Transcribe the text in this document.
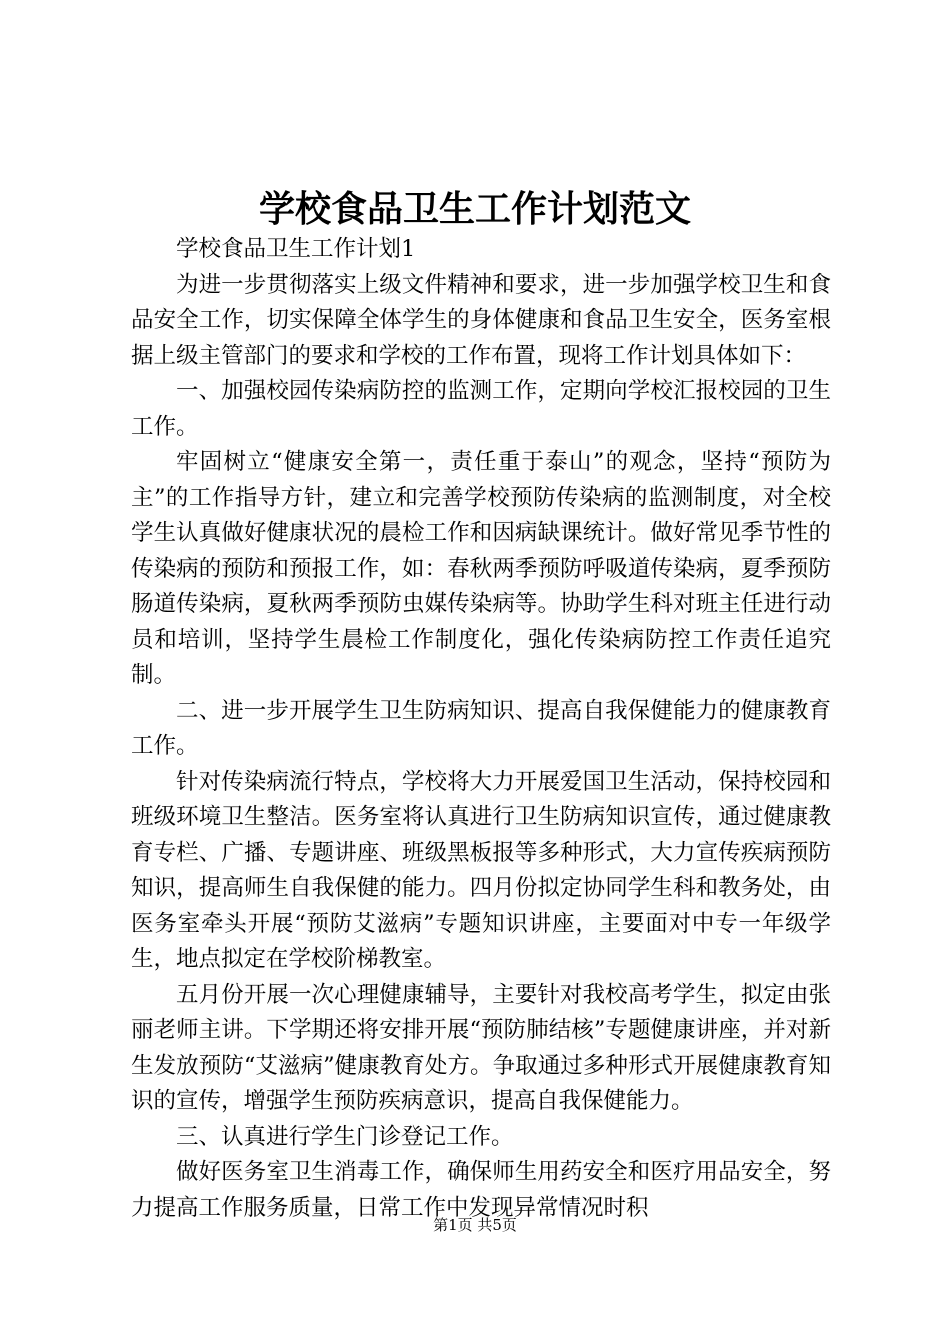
学校食品卫生工作计划范文

学校食品卫生工作计划1

为进一步贯彻落实上级文件精神和要求，进一步加强学校卫生和食品安全工作，切实保障全体学生的身体健康和食品卫生安全，医务室根据上级主管部门的要求和学校的工作布置，现将工作计划具体如下：

一、加强校园传染病防控的监测工作，定期向学校汇报校园的卫生工作。

牢固树立“健康安全第一，责任重于泰山”的观念，坚持“预防为主”的工作指导方针，建立和完善学校预防传染病的监测制度，对全校学生认真做好健康状况的晨检工作和因病缺课统计。做好常见季节性的传染病的预防和预报工作，如：春秋两季预防呼吸道传染病，夏季预防肠道传染病，夏秋两季预防虫媒传染病等。协助学生科对班主任进行动员和培训，坚持学生晨检工作制度化，强化传染病防控工作责任追究制。

二、进一步开展学生卫生防病知识、提高自我保健能力的健康教育工作。

针对传染病流行特点，学校将大力开展爱国卫生活动，保持校园和班级环境卫生整洁。医务室将认真进行卫生防病知识宣传，通过健康教育专栏、广播、专题讲座、班级黑板报等多种形式，大力宣传疾病预防知识，提高师生自我保健的能力。四月份拟定协同学生科和教务处，由医务室牵头开展“预防艾滋病”专题知识讲座，主要面对中专一年级学生，地点拟定在学校阶梯教室。

五月份开展一次心理健康辅导，主要针对我校高考学生，拟定由张丽老师主讲。下学期还将安排开展“预防肺结核”专题健康讲座，并对新生发放预防“艾滋病”健康教育处方。争取通过多种形式开展健康教育知识的宣传，增强学生预防疾病意识，提高自我保健能力。

三、认真进行学生门诊登记工作。

做好医务室卫生消毒工作，确保师生用药安全和医疗用品安全，努力提高工作服务质量，日常工作中发现异常情况时积

第1页 共5页
